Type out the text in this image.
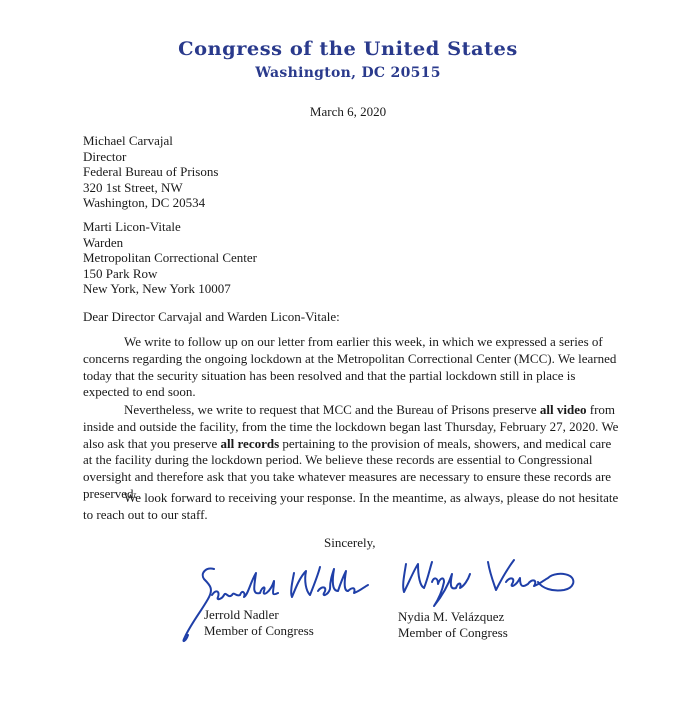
Congress of the United States
Washington, DC 20515
March 6, 2020
Michael Carvajal
Director
Federal Bureau of Prisons
320 1st Street, NW
Washington, DC 20534
Marti Licon-Vitale
Warden
Metropolitan Correctional Center
150 Park Row
New York, New York 10007
Dear Director Carvajal and Warden Licon-Vitale:

We write to follow up on our letter from earlier this week, in which we expressed a series of concerns regarding the ongoing lockdown at the Metropolitan Correctional Center (MCC). We learned today that the security situation has been resolved and that the partial lockdown still in place is expected to end soon.

Nevertheless, we write to request that MCC and the Bureau of Prisons preserve all video from inside and outside the facility, from the time the lockdown began last Thursday, February 27, 2020. We also ask that you preserve all records pertaining to the provision of meals, showers, and medical care at the facility during the lockdown period. We believe these records are essential to Congressional oversight and therefore ask that you take whatever measures are necessary to ensure these records are preserved.

We look forward to receiving your response. In the meantime, as always, please do not hesitate to reach out to our staff.

Sincerely,
Jerrold Nadler
Member of Congress
Nydia M. Velázquez
Member of Congress
